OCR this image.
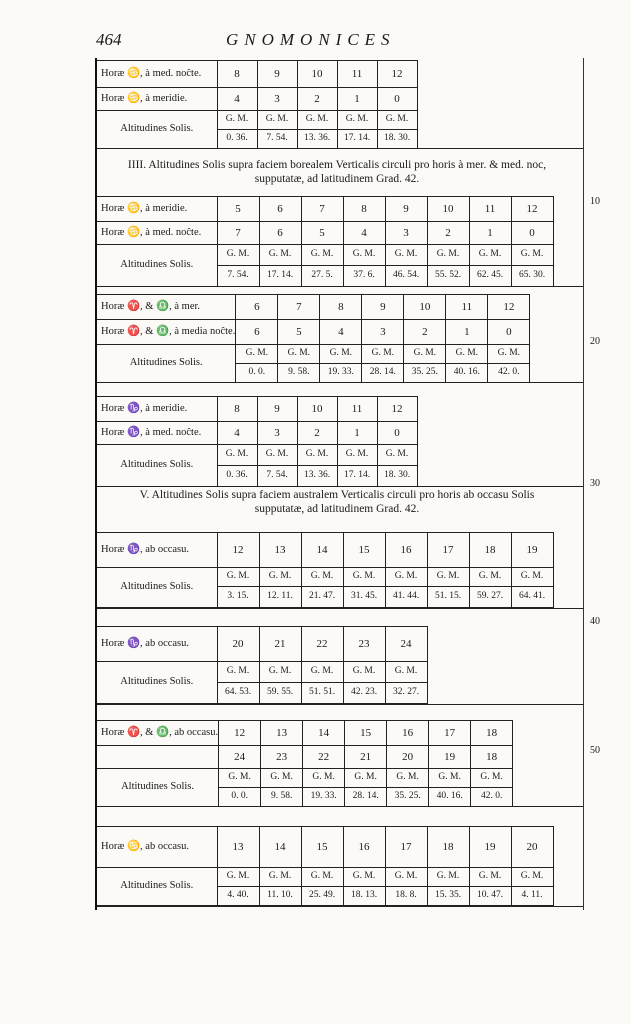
464	GNOMONICES
Horæ ♋, à med. noĉte.	8	9	10	11	12
Horæ ♋, à meridie.	4	3	2	1	0
Altitudines Solis.	G. M.	G. M.	G. M.	G. M.	G. M.
	0. 36.	7. 54.	13. 36.	17. 14.	18. 30.
IIII. Altitudines Solis supra faciem borealem Verticalis circuli pro horis à mer. & med. noc, supputatæ, ad latitudinem Grad. 42.
Horæ ♋, à meridie.	5	6	7	8	9	10	11	12
Horæ ♋, à med. noĉte.	7	6	5	4	3	2	1	0
Altitudines Solis.	G. M.	G. M.	G. M.	G. M.	G. M.	G. M.	G. M.	G. M.
	7. 54.	17. 14.	27. 5.	37. 6.	46. 54.	55. 52.	62. 45.	65. 30.
Horæ ♈, & ♎, à mer.	6	7	8	9	10	11	12
Horæ ♈, & ♎, à media noĉte.	6	5	4	3	2	1	0
Altitudines Solis.	G. M.	G. M.	G. M.	G. M.	G. M.	G. M.	G. M.
	0. 0.	9. 58.	19. 33.	28. 14.	35. 25.	40. 16.	42. 0.
Horæ ♑, à meridie.	8	9	10	11	12
Horæ ♑, à med. noĉte.	4	3	2	1	0
Altitudines Solis.	G. M.	G. M.	G. M.	G. M.	G. M.
	0. 36.	7. 54.	13. 36.	17. 14.	18. 30.
V. Altitudines Solis supra faciem australem Verticalis circuli pro horis ab occasu Solis supputatæ, ad latitudinem Grad. 42.
Horæ ♑, ab occasu.	12	13	14	15	16	17	18	19
Altitudines Solis.	G. M.	G. M.	G. M.	G. M.	G. M.	G. M.	G. M.	G. M.
	3. 15.	12. 11.	21. 47.	31. 45.	41. 44.	51. 15.	59. 27.	64. 41.
Horæ ♑, ab occasu.	20	21	22	23	24
Altitudines Solis.	G. M.	G. M.	G. M.	G. M.	G. M.
	64. 53.	59. 55.	51. 51.	42. 23.	32. 27.
Horæ ♈, & ♎, ab occasu.	12	13	14	15	16	17	18
	24	23	22	21	20	19	18
Altitudines Solis.	G. M.	G. M.	G. M.	G. M.	G. M.	G. M.	G. M.
	0. 0.	9. 58.	19. 33.	28. 14.	35. 25.	40. 16.	42. 0.
Horæ ♋, ab occasu.	13	14	15	16	17	18	19	20
Altitudines Solis.	G. M.	G. M.	G. M.	G. M.	G. M.	G. M.	G. M.	G. M.
	4. 40.	11. 10.	25. 49.	18. 13.	18. 8.	15. 35.	10. 47.	4. 11.
10
20
30
40
50
